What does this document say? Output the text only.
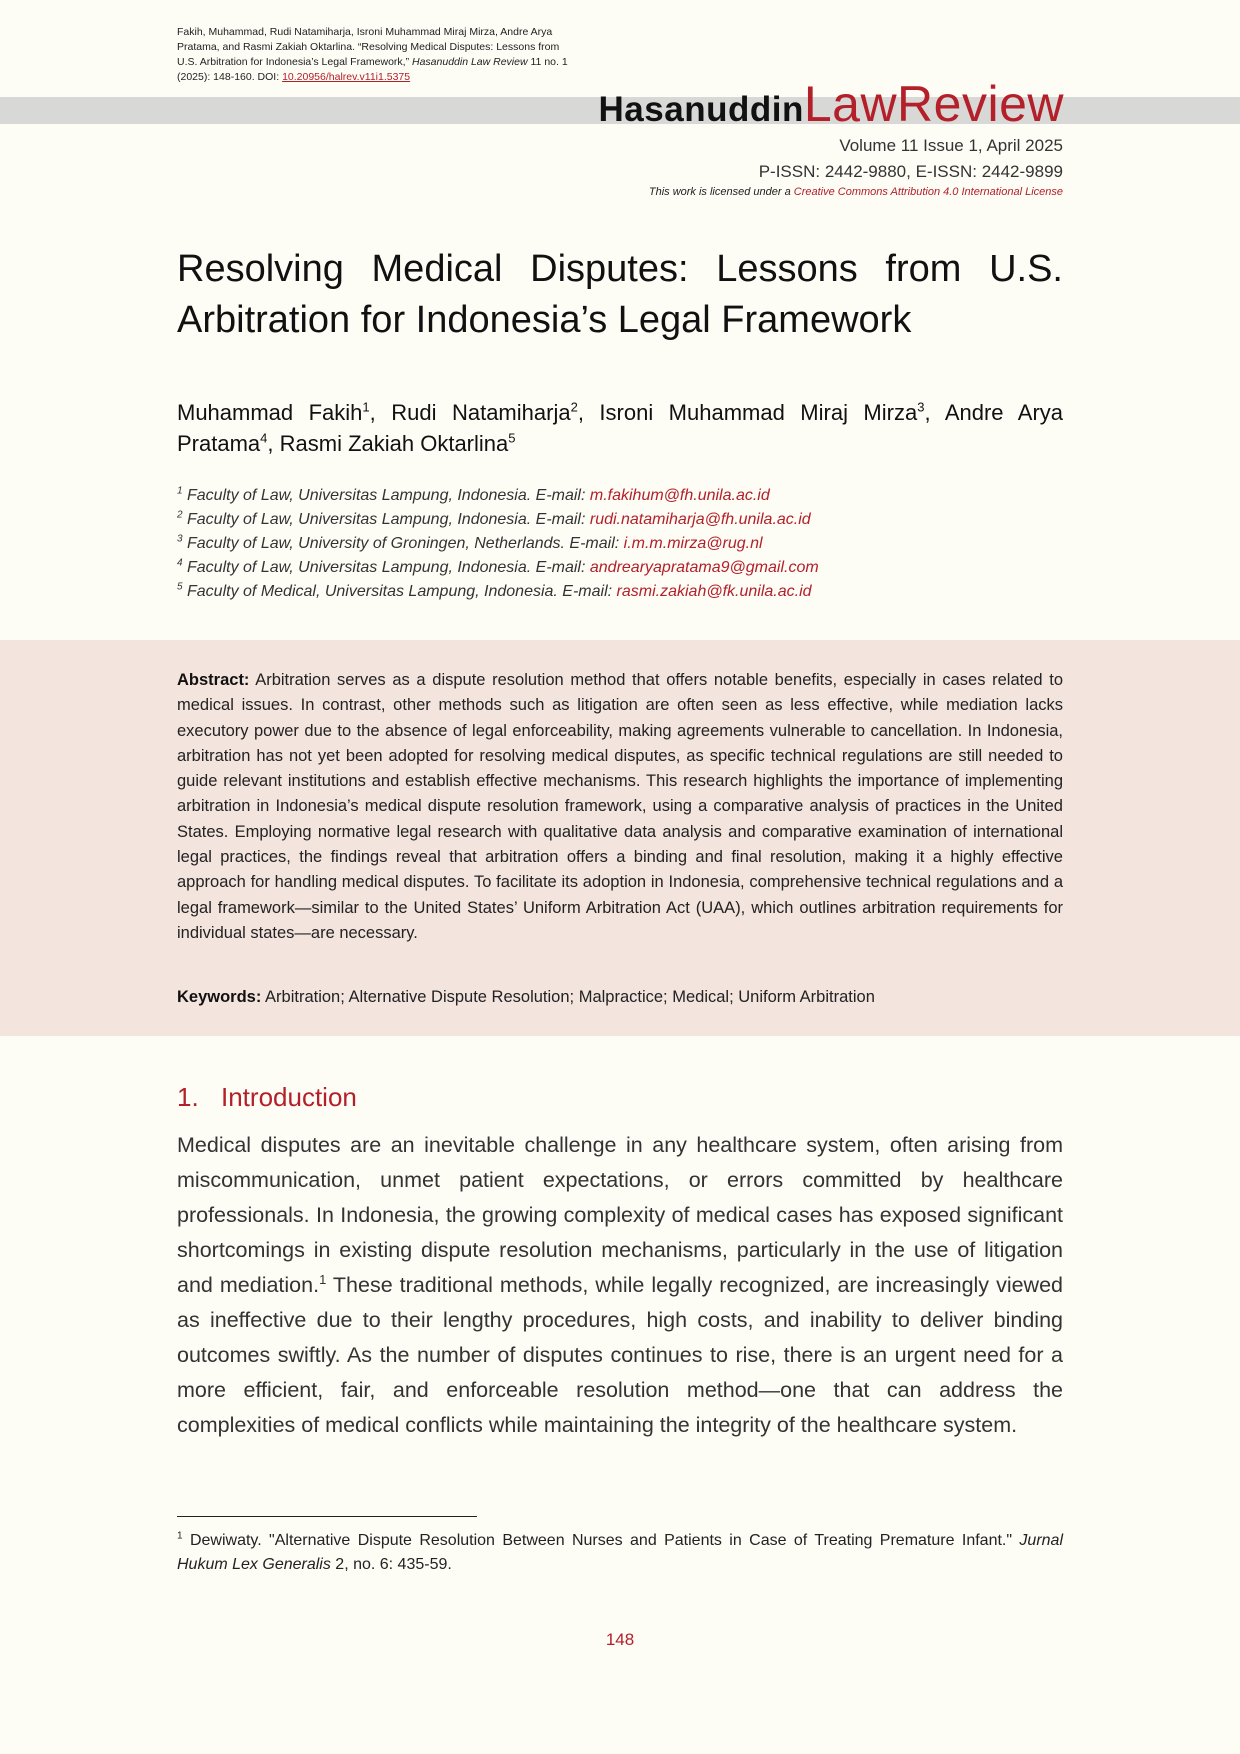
Fakih, Muhammad, Rudi Natamiharja, Isroni Muhammad Miraj Mirza, Andre Arya Pratama, and Rasmi Zakiah Oktarlina. “Resolving Medical Disputes: Lessons from U.S. Arbitration for Indonesia’s Legal Framework,” Hasanuddin Law Review 11 no. 1 (2025): 148-160. DOI: 10.20956/halrev.v11i1.5375
HasanuddinLawReview
Volume 11 Issue 1, April 2025
P-ISSN: 2442-9880, E-ISSN: 2442-9899
This work is licensed under a Creative Commons Attribution 4.0 International License
Resolving Medical Disputes: Lessons from U.S. Arbitration for Indonesia’s Legal Framework
Muhammad Fakih$^1$, Rudi Natamiharja$^2$, Isroni Muhammad Miraj Mirza$^3$, Andre Arya Pratama$^4$, Rasmi Zakiah Oktarlina$^5$
$^1$ Faculty of Law, Universitas Lampung, Indonesia. E-mail: m.fakihum@fh.unila.ac.id
$^2$ Faculty of Law, Universitas Lampung, Indonesia. E-mail: rudi.natamiharja@fh.unila.ac.id
$^3$ Faculty of Law, University of Groningen, Netherlands. E-mail: i.m.m.mirza@rug.nl
$^4$ Faculty of Law, Universitas Lampung, Indonesia. E-mail: andrearyapratama9@gmail.com
$^5$ Faculty of Medical, Universitas Lampung, Indonesia. E-mail: rasmi.zakiah@fk.unila.ac.id
Abstract: Arbitration serves as a dispute resolution method that offers notable benefits, especially in cases related to medical issues. In contrast, other methods such as litigation are often seen as less effective, while mediation lacks executory power due to the absence of legal enforceability, making agreements vulnerable to cancellation. In Indonesia, arbitration has not yet been adopted for resolving medical disputes, as specific technical regulations are still needed to guide relevant institutions and establish effective mechanisms. This research highlights the importance of implementing arbitration in Indonesia’s medical dispute resolution framework, using a comparative analysis of practices in the United States. Employing normative legal research with qualitative data analysis and comparative examination of international legal practices, the findings reveal that arbitration offers a binding and final resolution, making it a highly effective approach for handling medical disputes. To facilitate its adoption in Indonesia, comprehensive technical regulations and a legal framework—similar to the United States’ Uniform Arbitration Act (UAA), which outlines arbitration requirements for individual states—are necessary.
Keywords: Arbitration; Alternative Dispute Resolution; Malpractice; Medical; Uniform Arbitration
1. Introduction
Medical disputes are an inevitable challenge in any healthcare system, often arising from miscommunication, unmet patient expectations, or errors committed by healthcare professionals. In Indonesia, the growing complexity of medical cases has exposed significant shortcomings in existing dispute resolution mechanisms, particularly in the use of litigation and mediation.$^1$ These traditional methods, while legally recognized, are increasingly viewed as ineffective due to their lengthy procedures, high costs, and inability to deliver binding outcomes swiftly. As the number of disputes continues to rise, there is an urgent need for a more efficient, fair, and enforceable resolution method—one that can address the complexities of medical conflicts while maintaining the integrity of the healthcare system.
$^1$ Dewiwaty. "Alternative Dispute Resolution Between Nurses and Patients in Case of Treating Premature Infant." Jurnal Hukum Lex Generalis 2, no. 6: 435-59.
148
